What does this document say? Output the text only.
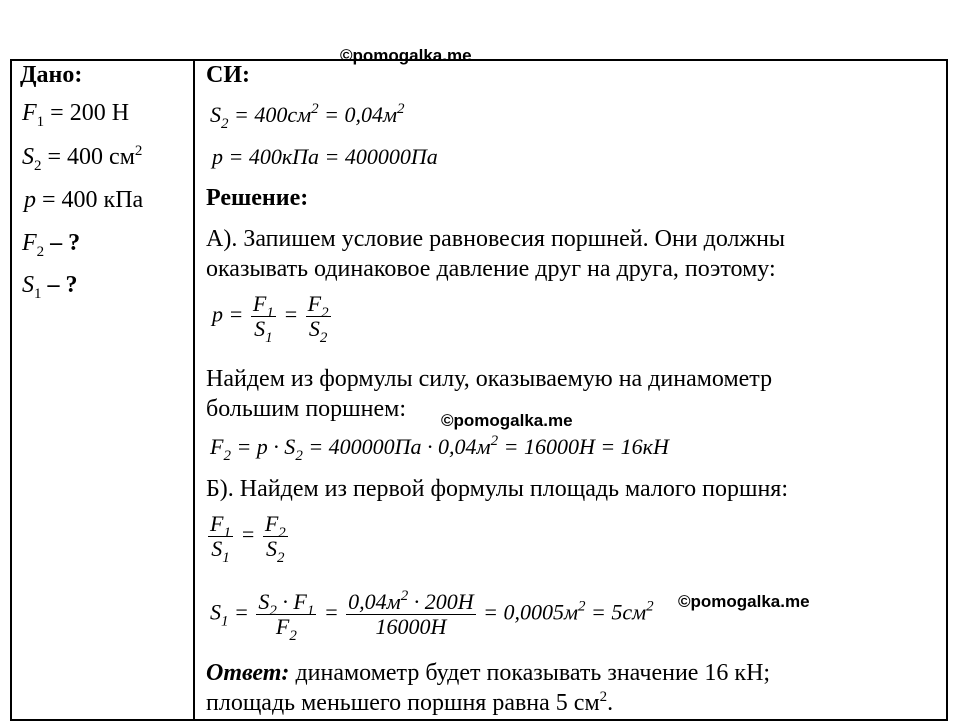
©pomogalka.me
©pomogalka.me
©pomogalka.me
Дано:
$F_1 = 200$ Н
$S_2 = 400$ $см^2$
p = 400 кПа
$F_2$ – ?
$S_1$ – ?
СИ:
$S_2 = 400см^2 = 0,04м^2$
p = 400кПа = 400000Па
Решение:
А). Запишем условие равновесия поршней. Они должны
оказывать одинаковое давление друг на друга, поэтому:
$p = \frac{F_1}{S_1} = \frac{F_2}{S_2}$
Найдем из формулы силу, оказываемую на динамометр
большим поршнем:
$F_2 = p \cdot S_2 = 400000Па \cdot 0,04м^2 = 16000Н = 16кН$
Б). Найдем из первой формулы площадь малого поршня:
$\frac{F_1}{S_1} = \frac{F_2}{S_2}$
$S_1 = \frac{S_2 \cdot F_1}{F_2} = \frac{0,04м^2 \cdot 200Н}{16000Н} = 0,0005м^2 = 5см^2$
Ответ: динамометр будет показывать значение 16 кН;
площадь меньшего поршня равна 5 $см^2$.
